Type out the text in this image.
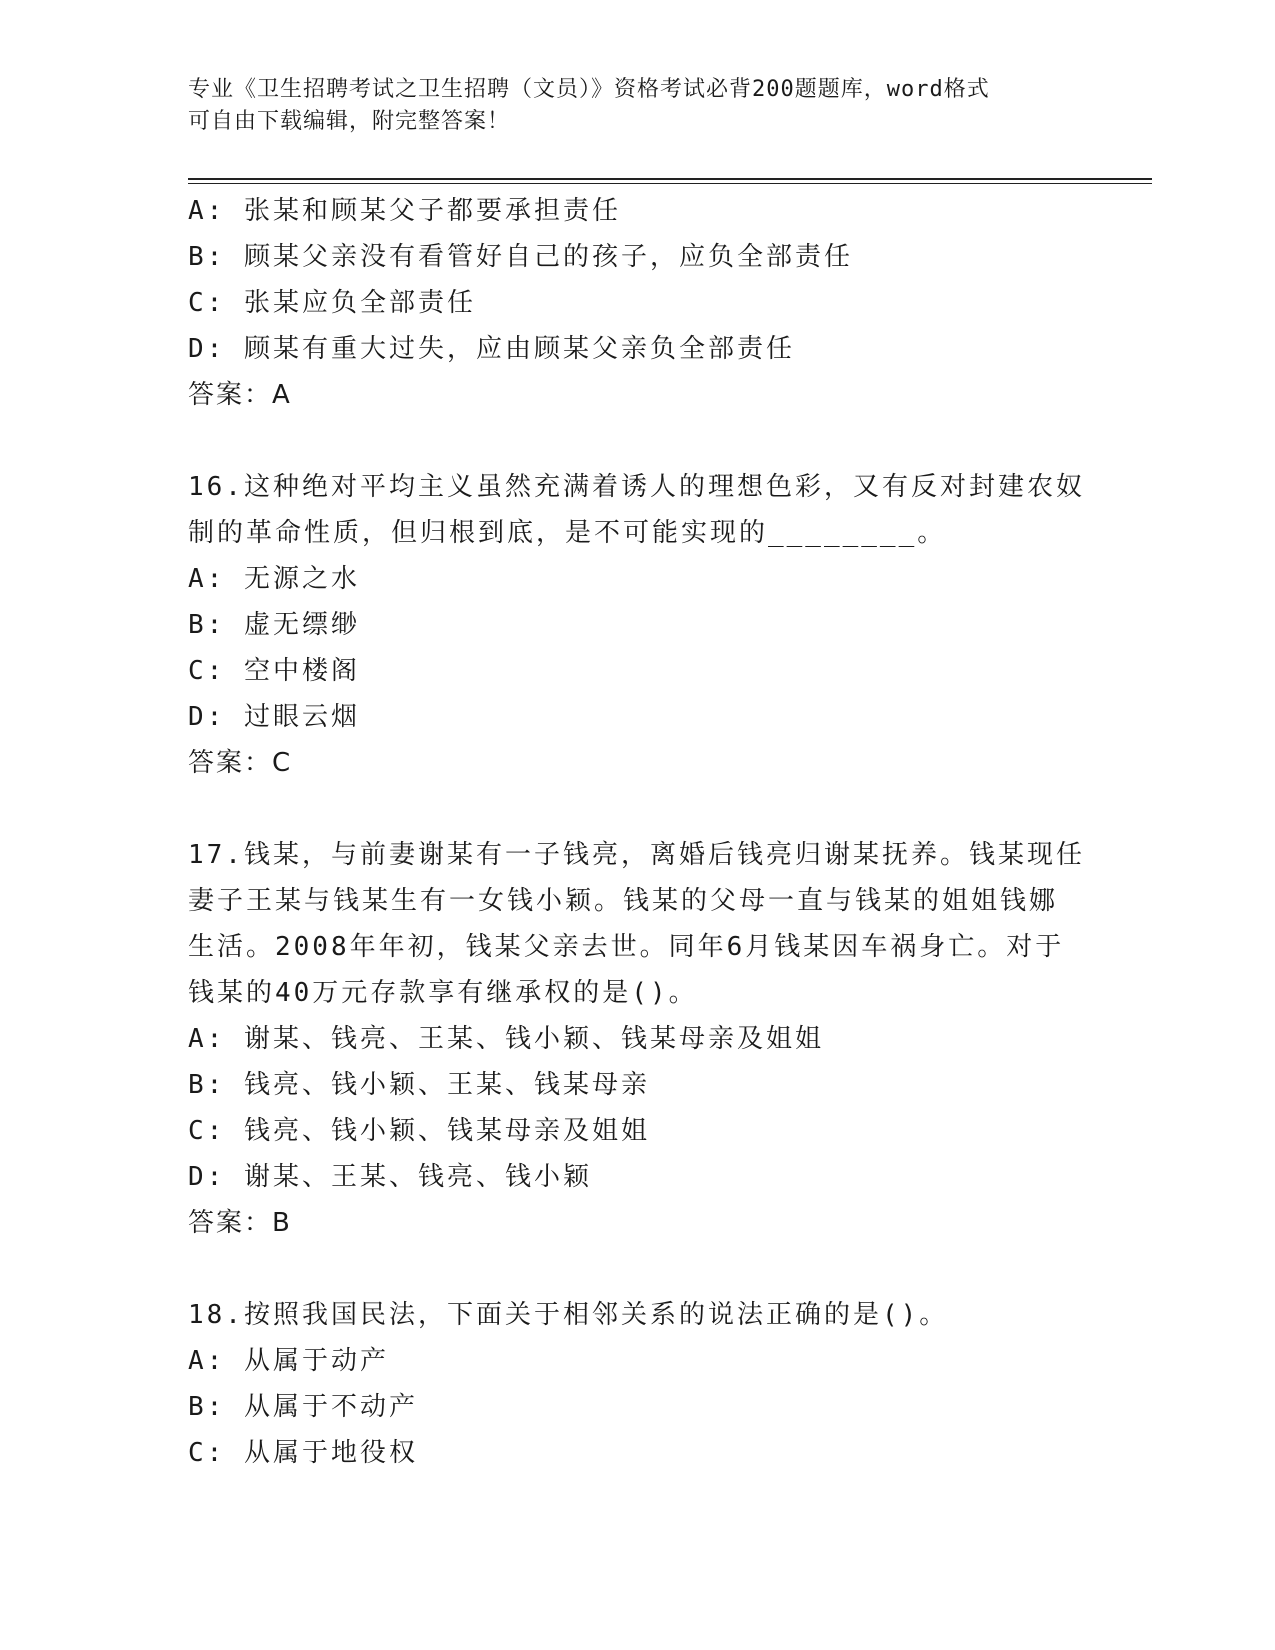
专业《卫生招聘考试之卫生招聘（文员）》资格考试必背200题题库，word格式
可自由下载编辑，附完整答案！
A: 张某和顾某父子都要承担责任
B: 顾某父亲没有看管好自己的孩子，应负全部责任
C: 张某应负全部责任
D: 顾某有重大过失，应由顾某父亲负全部责任
答案：A
16.这种绝对平均主义虽然充满着诱人的理想色彩，又有反对封建农奴
制的革命性质，但归根到底，是不可能实现的________。
A: 无源之水
B: 虚无缥缈
C: 空中楼阁
D: 过眼云烟
答案：C
17.钱某，与前妻谢某有一子钱亮，离婚后钱亮归谢某抚养。钱某现任
妻子王某与钱某生有一女钱小颖。钱某的父母一直与钱某的姐姐钱娜
生活。2008年年初，钱某父亲去世。同年6月钱某因车祸身亡。对于
钱某的40万元存款享有继承权的是()。
A: 谢某、钱亮、王某、钱小颖、钱某母亲及姐姐
B: 钱亮、钱小颖、王某、钱某母亲
C: 钱亮、钱小颖、钱某母亲及姐姐
D: 谢某、王某、钱亮、钱小颖
答案：B
18.按照我国民法，下面关于相邻关系的说法正确的是()。
A: 从属于动产
B: 从属于不动产
C: 从属于地役权
